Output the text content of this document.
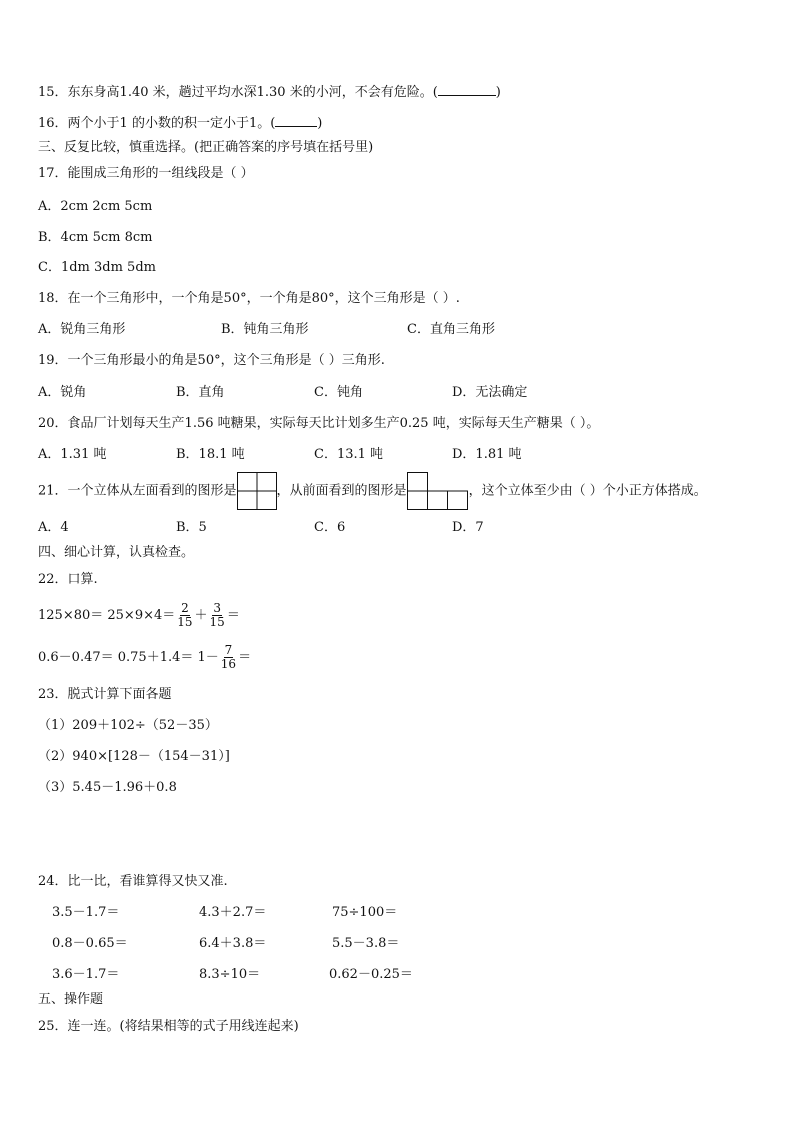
15．东东身高1.40 米，趟过平均水深1.30 米的小河，不会有危险。(	)
16．两个小于1 的小数的积一定小于1。(	)
三、反复比较，慎重选择。(把正确答案的序号填在括号里)
17．能围成三角形的一组线段是（ ）
A．2cm 2cm 5cm
B．4cm 5cm 8cm
C．1dm 3dm 5dm
18．在一个三角形中，一个角是50°，一个角是80°，这个三角形是（ ）.
A．锐角三角形	B．钝角三角形	C．直角三角形
19．一个三角形最小的角是50°，这个三角形是（ ）三角形.
A．锐角	B．直角	C．钝角	D．无法确定
20．食品厂计划每天生产1.56 吨糖果，实际每天比计划多生产0.25 吨，实际每天生产糖果（ ）。
A．1.31 吨	B．18.1 吨	C．13.1 吨	D．1.81 吨
21．一个立体从左面看到的图形是	，从前面看到的图形是	，这个立体至少由（ ）个小正方体搭成。
A．4	B．5	C．6	D．7
四、细心计算，认真检查。
22．口算.
$125\times 80= 25\times 9\times 4= \frac{2}{15} + \frac{3}{15}$ ＝
$0.6-0.47= 0.75+1.4= 1- \frac{7}{16}$ ＝
23．脱式计算下面各题
（1）209＋102÷（52－35）
（2）940×[128－（154－31）]
（3）5.45－1.96＋0.8
24．比一比，看谁算得又快又准.
3.5－1.7＝	4.3＋2.7＝	75÷100＝
0.8－0.65＝	6.4＋3.8＝	5.5－3.8＝
3.6－1.7＝	8.3÷10＝	0.62－0.25＝
五、操作题
25．连一连。(将结果相等的式子用线连起来)
